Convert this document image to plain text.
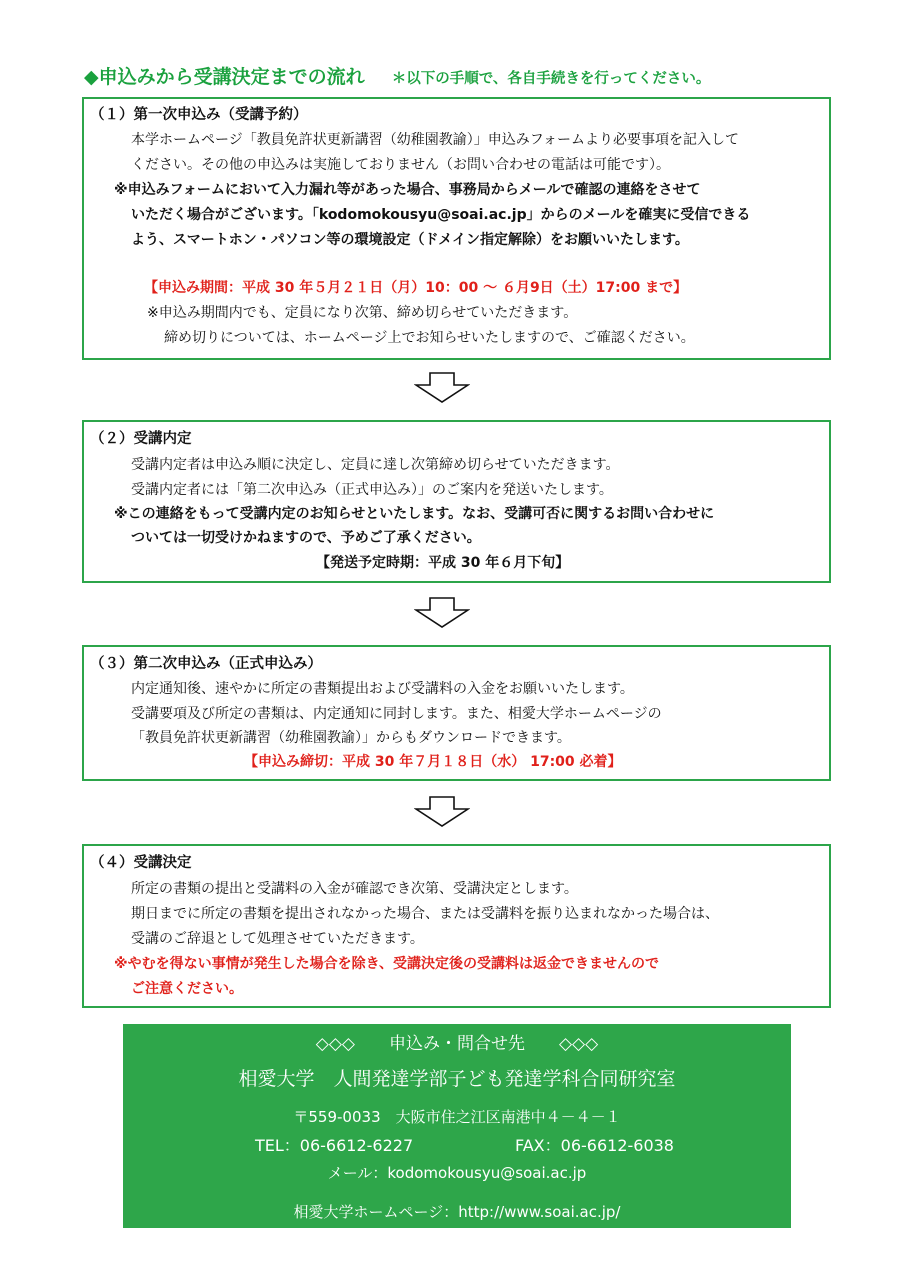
◆申込みから受講決定までの流れ ＊以下の手順で、各自手続きを行ってください。
（１）第一次申込み（受講予約）
本学ホームページ「教員免許状更新講習（幼稚園教諭）」申込みフォームより必要事項を記入して
ください。その他の申込みは実施しておりません（お問い合わせの電話は可能です）。
※申込みフォームにおいて入力漏れ等があった場合、事務局からメールで確認の連絡をさせて
いただく場合がございます。「kodomokousyu@soai.ac.jp」からのメールを確実に受信できる
よう、スマートホン・パソコン等の環境設定（ドメイン指定解除）をお願いいたします。
【申込み期間：平成 30 年５月２１日（月）10：00 ～ ６月9日（土）17:00 まで】
※申込み期間内でも、定員になり次第、締め切らせていただきます。
締め切りについては、ホームページ上でお知らせいたしますので、ご確認ください。
（２）受講内定
受講内定者は申込み順に決定し、定員に達し次第締め切らせていただきます。
受講内定者には「第二次申込み（正式申込み）」のご案内を発送いたします。
※この連絡をもって受講内定のお知らせといたします。なお、受講可否に関するお問い合わせに
ついては一切受けかねますので、予めご了承ください。
【発送予定時期：平成 30 年６月下旬】
（３）第二次申込み（正式申込み）
内定通知後、速やかに所定の書類提出および受講料の入金をお願いいたします。
受講要項及び所定の書類は、内定通知に同封します。また、相愛大学ホームページの
「教員免許状更新講習（幼稚園教諭）」からもダウンロードできます。
【申込み締切：平成 30 年７月１８日（水） 17:00 必着】
（４）受講決定
所定の書類の提出と受講料の入金が確認でき次第、受講決定とします。
期日までに所定の書類を提出されなかった場合、または受講料を振り込まれなかった場合は、
受講のご辞退として処理させていただきます。
※やむを得ない事情が発生した場合を除き、受講決定後の受講料は返金できませんので
ご注意ください。
◇◇◇　　申込み・問合せ先　　◇◇◇
相愛大学　人間発達学部子ども発達学科合同研究室
〒559-0033　大阪市住之江区南港中４－４－１
TEL：06-6612-6227	FAX：06-6612-6038
メール：kodomokousyu@soai.ac.jp
相愛大学ホームページ：http://www.soai.ac.jp/
